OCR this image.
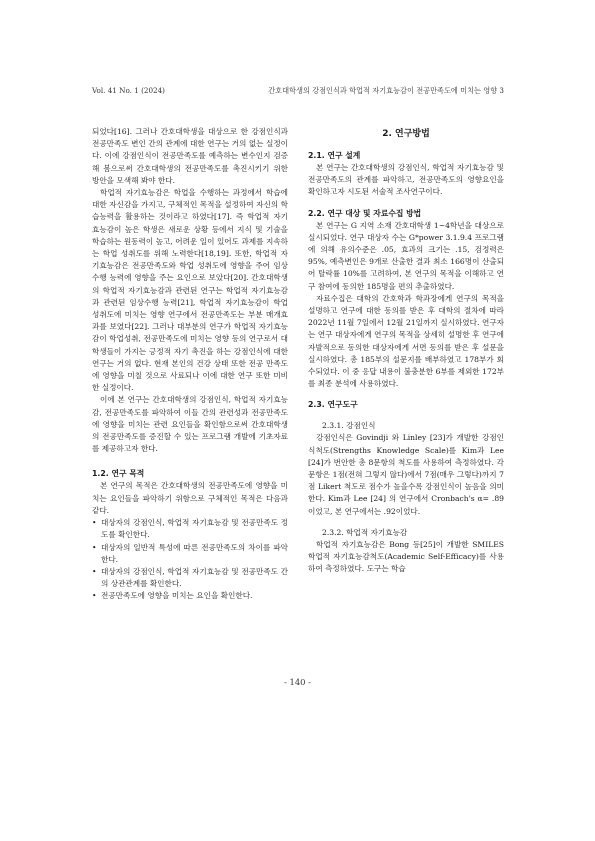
Vol. 41 No. 1 (2024)	간호대학생의 강점인식과 학업적 자기효능감이 전공만족도에 미치는 영향 3

되었다[16]. 그러나 간호대학생을 대상으로 한 강점인식과 전공만족도 변인 간의 관계에 대한 연구는 거의 없는 실정이다. 이에 강점인식이 전공만족도를 예측하는 변수인지 검증해 봄으로써 간호대학생의 전공만족도를 촉진시키기 위한 방안을 모색해 봐야 한다.

학업적 자기효능감은 학업을 수행하는 과정에서 학습에 대한 자신감을 가지고, 구체적인 목적을 설정하여 자신의 학습능력을 활용하는 것이라고 하였다[17]. 즉 학업적 자기 효능감이 높은 학생은 새로운 상황 등에서 지식 및 기술을 학습하는 원동력이 높고, 어려운 일이 있어도 과제를 지속하는 학업 성취도를 위해 노력한다[18,19]. 또한, 학업적 자기효능감은 전공만족도와 학업 성취도에 영향을 주어 임상수행 능력에 영향을 주는 요인으로 보았다[20]. 간호대학생의 학업적 자기효능감과 관련된 연구는 학업적 자기효능감과 관련된 임상수행 능력[21], 학업적 자기효능감이 학업 성취도에 미치는 영향 연구에서 전공만족도는 부분 매개효과를 보였다[22]. 그러나 대부분의 연구가 학업적 자기효능감이 학업성취, 전공만족도에 미치는 영향 등의 연구로서 대학생들이 가지는 긍정적 자기 촉진을 하는 강점인식에 대한 연구는 거의 없다. 현재 본인의 건강 상태 또한 전공 만족도에 영향을 미칠 것으로 사료되나 이에 대한 연구 또한 미비한 실정이다.

이에 본 연구는 간호대학생의 강점인식, 학업적 자기효능감, 전공만족도를 파악하여 이들 간의 관련성과 전공만족도에 영향을 미치는 관련 요인들을 확인함으로써 간호대학생의 전공만족도를 증진할 수 있는 프로그램 개발에 기초자료를 제공하고자 한다.

1.2. 연구 목적

본 연구의 목적은 간호대학생의 전공만족도에 영향을 미치는 요인들을 파악하기 위함으로 구체적인 목적은 다음과 같다.

• 대상자의 강점인식, 학업적 자기효능감 및 전공만족도 정도를 확인한다.
• 대상자의 일반적 특성에 따른 전공만족도의 차이를 파악한다.
• 대상자의 강점인식, 학업적 자기효능감 및 전공만족도 간의 상관관계를 확인한다.
• 전공만족도에 영향을 미치는 요인을 확인한다.
2. 연구방법
2.1. 연구 설계

본 연구는 간호대학생의 강점인식, 학업적 자기효능감 및 전공만족도의 관계를 파악하고, 전공만족도의 영향요인을 확인하고자 시도된 서술적 조사연구이다.

2.2. 연구 대상 및 자료수집 방법

본 연구는 G 지역 소재 간호대학생 1~4학년을 대상으로 실시되었다. 연구 대상자 수는 G*power 3.1.9.4 프로그램에 의해 유의수준은 .05, 효과의 크기는 .15, 검정력은 95%, 예측변인은 9개로 산출한 결과 최소 166명이 산출되어 탈락률 10%를 고려하여, 본 연구의 목적을 이해하고 연구 참여에 동의한 185명을 편의 추출하였다.

자료수집은 대학의 간호학과 학과장에게 연구의 목적을 설명하고 연구에 대한 동의를 받은 후 대학의 절차에 따라 2022년 11월 7일에서 12월 21일까지 실시하였다. 연구자는 연구 대상자에게 연구의 목적을 상세히 설명한 후 연구에 자발적으로 동의한 대상자에게 서면 동의를 받은 후 설문을 실시하였다. 총 185부의 설문지를 배부하였고 178부가 회수되었다. 이 중 응답 내용이 불충분한 6부를 제외한 172부를 최종 분석에 사용하였다.

2.3. 연구도구
2.3.1. 강점인식

강점인식은 Govindji 와 Linley [23]가 개발한 강점인식척도(Strengths Knowledge Scale)를 Kim과 Lee [24]가 번안한 총 8문항의 척도를 사용하여 측정하였다. 각 문항은 1점(전혀 그렇지 않다)에서 7점(매우 그렇다)까지 7점 Likert 척도로 점수가 높을수록 강점인식이 높음을 의미한다. Kim과 Lee [24] 의 연구에서 Cronbach's α= .89이었고, 본 연구에서는 .92이었다.

2.3.2. 학업적 자기효능감

학업적 자기효능감은 Bong 등[25]이 개발한 SMILES 학업적 자기효능감척도(Academic Self-Efficacy)를 사용하여 측정하였다. 도구는 학습

- 140 -
